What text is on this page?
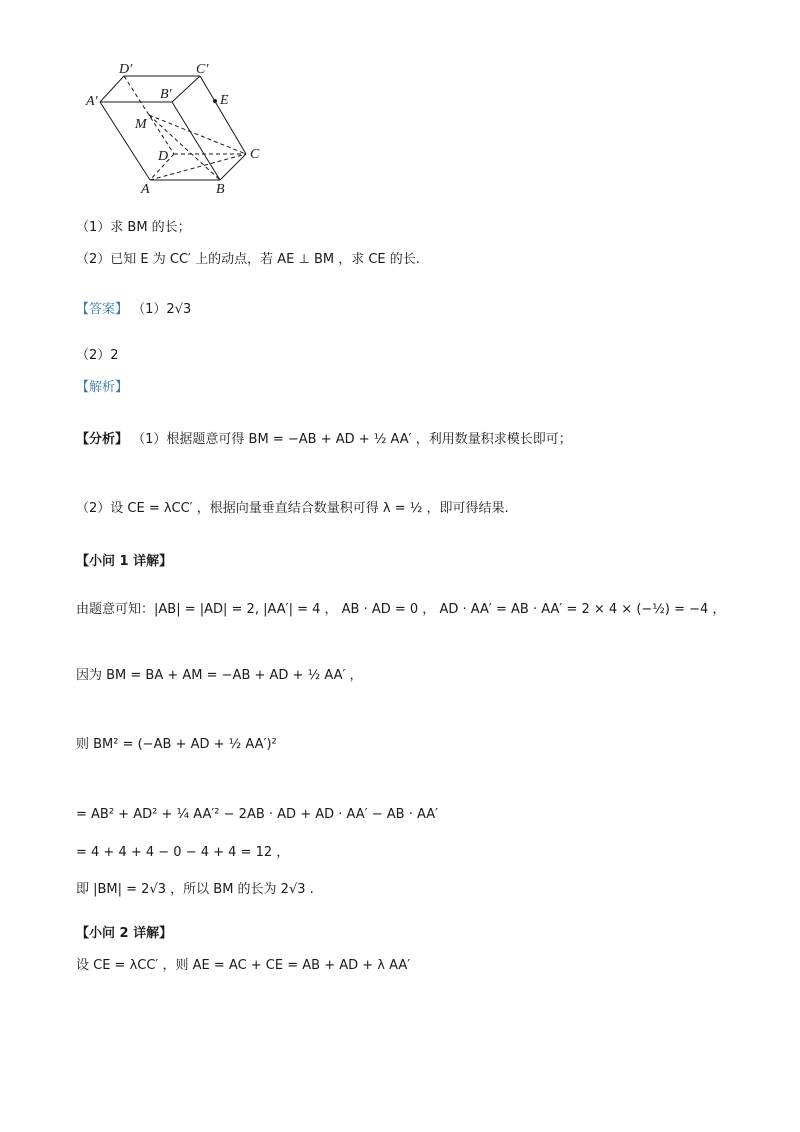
D′	C′
A′	B′	E
M
D	C
A	B
（1）求 BM 的长；
（2）已知 E 为 CC′ 上的动点，若 AE ⊥ BM ，求 CE 的长.
【答案】 （1）2√3
（2）2
【解析】
【分析】 （1）根据题意可得 BM = −AB + AD + ½ AA′ ，利用数量积求模长即可；
（2）设 CE = λCC′ ，根据向量垂直结合数量积可得 λ = ½ ，即可得结果.
【小问 1 详解】
由题意可知：|AB| = |AD| = 2, |AA′| = 4 ， AB · AD = 0 ， AD · AA′ = AB · AA′ = 2 × 4 × (−½) = −4 ，
因为 BM = BA + AM = −AB + AD + ½ AA′ ，
则 BM² = (−AB + AD + ½ AA′)²
= AB² + AD² + ¼ AA′² − 2AB · AD + AD · AA′ − AB · AA′
= 4 + 4 + 4 − 0 − 4 + 4 = 12 ，
即 |BM| = 2√3 ，所以 BM 的长为 2√3 .
【小问 2 详解】
设 CE = λCC′ ，则 AE = AC + CE = AB + AD + λ AA′
